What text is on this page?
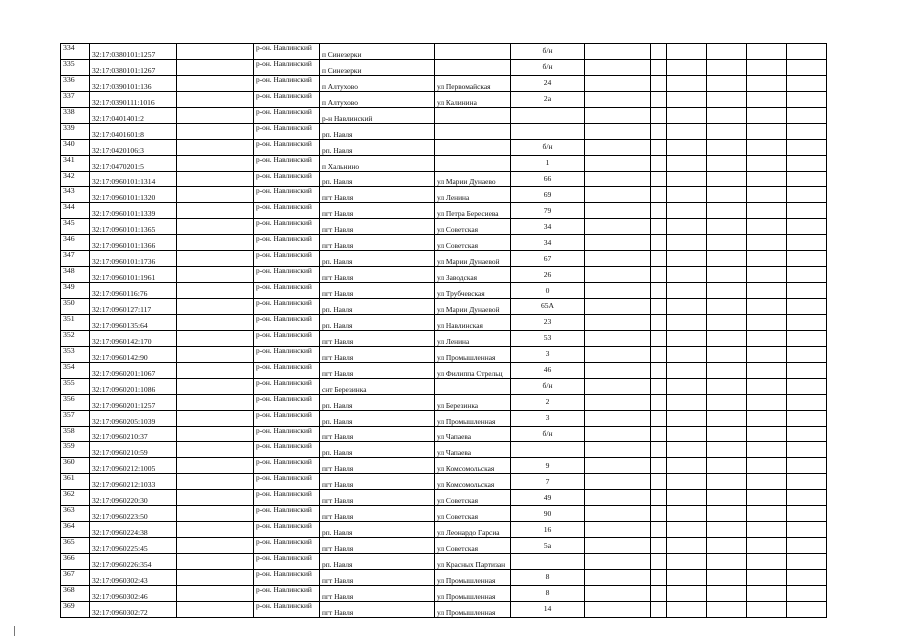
334	32:17:0380101:1257		р-он. Навлинский	п Синезерки		б/н						
335	32:17:0380101:1267		р-он. Навлинский	п Синезерки		б/н						
336	32:17:0390101:136		р-он. Навлинский	п Алтухово	ул Первомайская	24						
337	32:17:0390111:1016		р-он. Навлинский	п Алтухово	ул Калинина	2а						
338	32:17:0401401:2		р-он. Навлинский	р-н Навлинский								
339	32:17:0401601:8		р-он. Навлинский	рп. Навля								
340	32:17:0420106:3		р-он. Навлинский	рп. Навля		б/н						
341	32:17:0470201:5		р-он. Навлинский	п Хальнино		1						
342	32:17:0960101:1314		р-он. Навлинский	рп. Навля	ул Марии Дунаево	66						
343	32:17:0960101:1320		р-он. Навлинский	пгт Навля	ул Ленина	69						
344	32:17:0960101:1339		р-он. Навлинский	пгт Навля	ул Петра Бересиева	79						
345	32:17:0960101:1365		р-он. Навлинский	пгт Навля	ул Советская	34						
346	32:17:0960101:1366		р-он. Навлинский	пгт Навля	ул Советская	34						
347	32:17:0960101:1736		р-он. Навлинский	рп. Навля	ул Марии Дунаевой	67						
348	32:17:0960101:1961		р-он. Навлинский	пгт Навля	ул Заводская	26						
349	32:17:0960116:76		р-он. Навлинский	пгт Навля	ул Трубчевская	0						
350	32:17:0960127:117		р-он. Навлинский	рп. Навля	ул Марии Дунаевой	65А						
351	32:17:0960135:64		р-он. Навлинский	рп. Навля	ул Навлинская	23						
352	32:17:0960142:170		р-он. Навлинский	пгт Навля	ул Ленина	53						
353	32:17:0960142:90		р-он. Навлинский	пгт Навля	ул Промышленная	3						
354	32:17:0960201:1067		р-он. Навлинский	пгт Навля	ул Филиппа Стрельц	46						
355	32:17:0960201:1086		р-он. Навлинский	снт Березинка		б/н						
356	32:17:0960201:1257		р-он. Навлинский	рп. Навля	ул Березинка	2						
357	32:17:0960205:1039		р-он. Навлинский	рп. Навля	ул Промышленная	3						
358	32:17:0960210:37		р-он. Навлинский	пгт Навля	ул Чапаева	б/н						
359	32:17:0960210:59		р-он. Навлинский	рп. Навля	ул Чапаева							
360	32:17:0960212:1005		р-он. Навлинский	пгт Навля	ул Комсомольская	9						
361	32:17:0960212:1033		р-он. Навлинский	пгт Навля	ул Комсомольская	7						
362	32:17:0960220:30		р-он. Навлинский	пгт Навля	ул Советская	49						
363	32:17:0960223:50		р-он. Навлинский	пгт Навля	ул Советская	90						
364	32:17:0960224:38		р-он. Навлинский	рп. Навля	ул Леонардо Гарсиа	16						
365	32:17:0960225:45		р-он. Навлинский	пгт Навля	ул Советская	5а						
366	32:17:0960226:354		р-он. Навлинский	рп. Навля	ул Красных Партизан							
367	32:17:0960302:43		р-он. Навлинский	пгт Навля	ул Промышленная	8						
368	32:17:0960302:46		р-он. Навлинский	пгт Навля	ул Промышленная	8						
369	32:17:0960302:72		р-он. Навлинский	пгт Навля	ул Промышленная	14						
